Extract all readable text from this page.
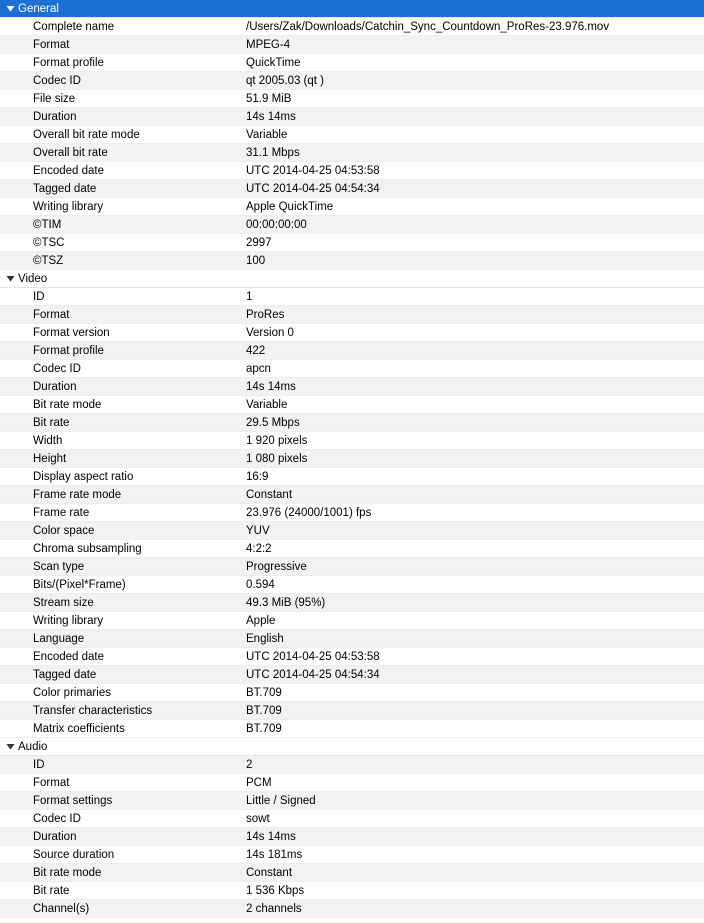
General
Complete name	/Users/Zak/Downloads/Catchin_Sync_Countdown_ProRes-23.976.mov
Format	MPEG-4
Format profile	QuickTime
Codec ID	qt 2005.03 (qt )
File size	51.9 MiB
Duration	14s 14ms
Overall bit rate mode	Variable
Overall bit rate	31.1 Mbps
Encoded date	UTC 2014-04-25 04:53:58
Tagged date	UTC 2014-04-25 04:54:34
Writing library	Apple QuickTime
©TIM	00:00:00:00
©TSC	2997
©TSZ	100
Video
ID	1
Format	ProRes
Format version	Version 0
Format profile	422
Codec ID	apcn
Duration	14s 14ms
Bit rate mode	Variable
Bit rate	29.5 Mbps
Width	1 920 pixels
Height	1 080 pixels
Display aspect ratio	16:9
Frame rate mode	Constant
Frame rate	23.976 (24000/1001) fps
Color space	YUV
Chroma subsampling	4:2:2
Scan type	Progressive
Bits/(Pixel*Frame)	0.594
Stream size	49.3 MiB (95%)
Writing library	Apple
Language	English
Encoded date	UTC 2014-04-25 04:53:58
Tagged date	UTC 2014-04-25 04:54:34
Color primaries	BT.709
Transfer characteristics	BT.709
Matrix coefficients	BT.709
Audio
ID	2
Format	PCM
Format settings	Little / Signed
Codec ID	sowt
Duration	14s 14ms
Source duration	14s 181ms
Bit rate mode	Constant
Bit rate	1 536 Kbps
Channel(s)	2 channels
